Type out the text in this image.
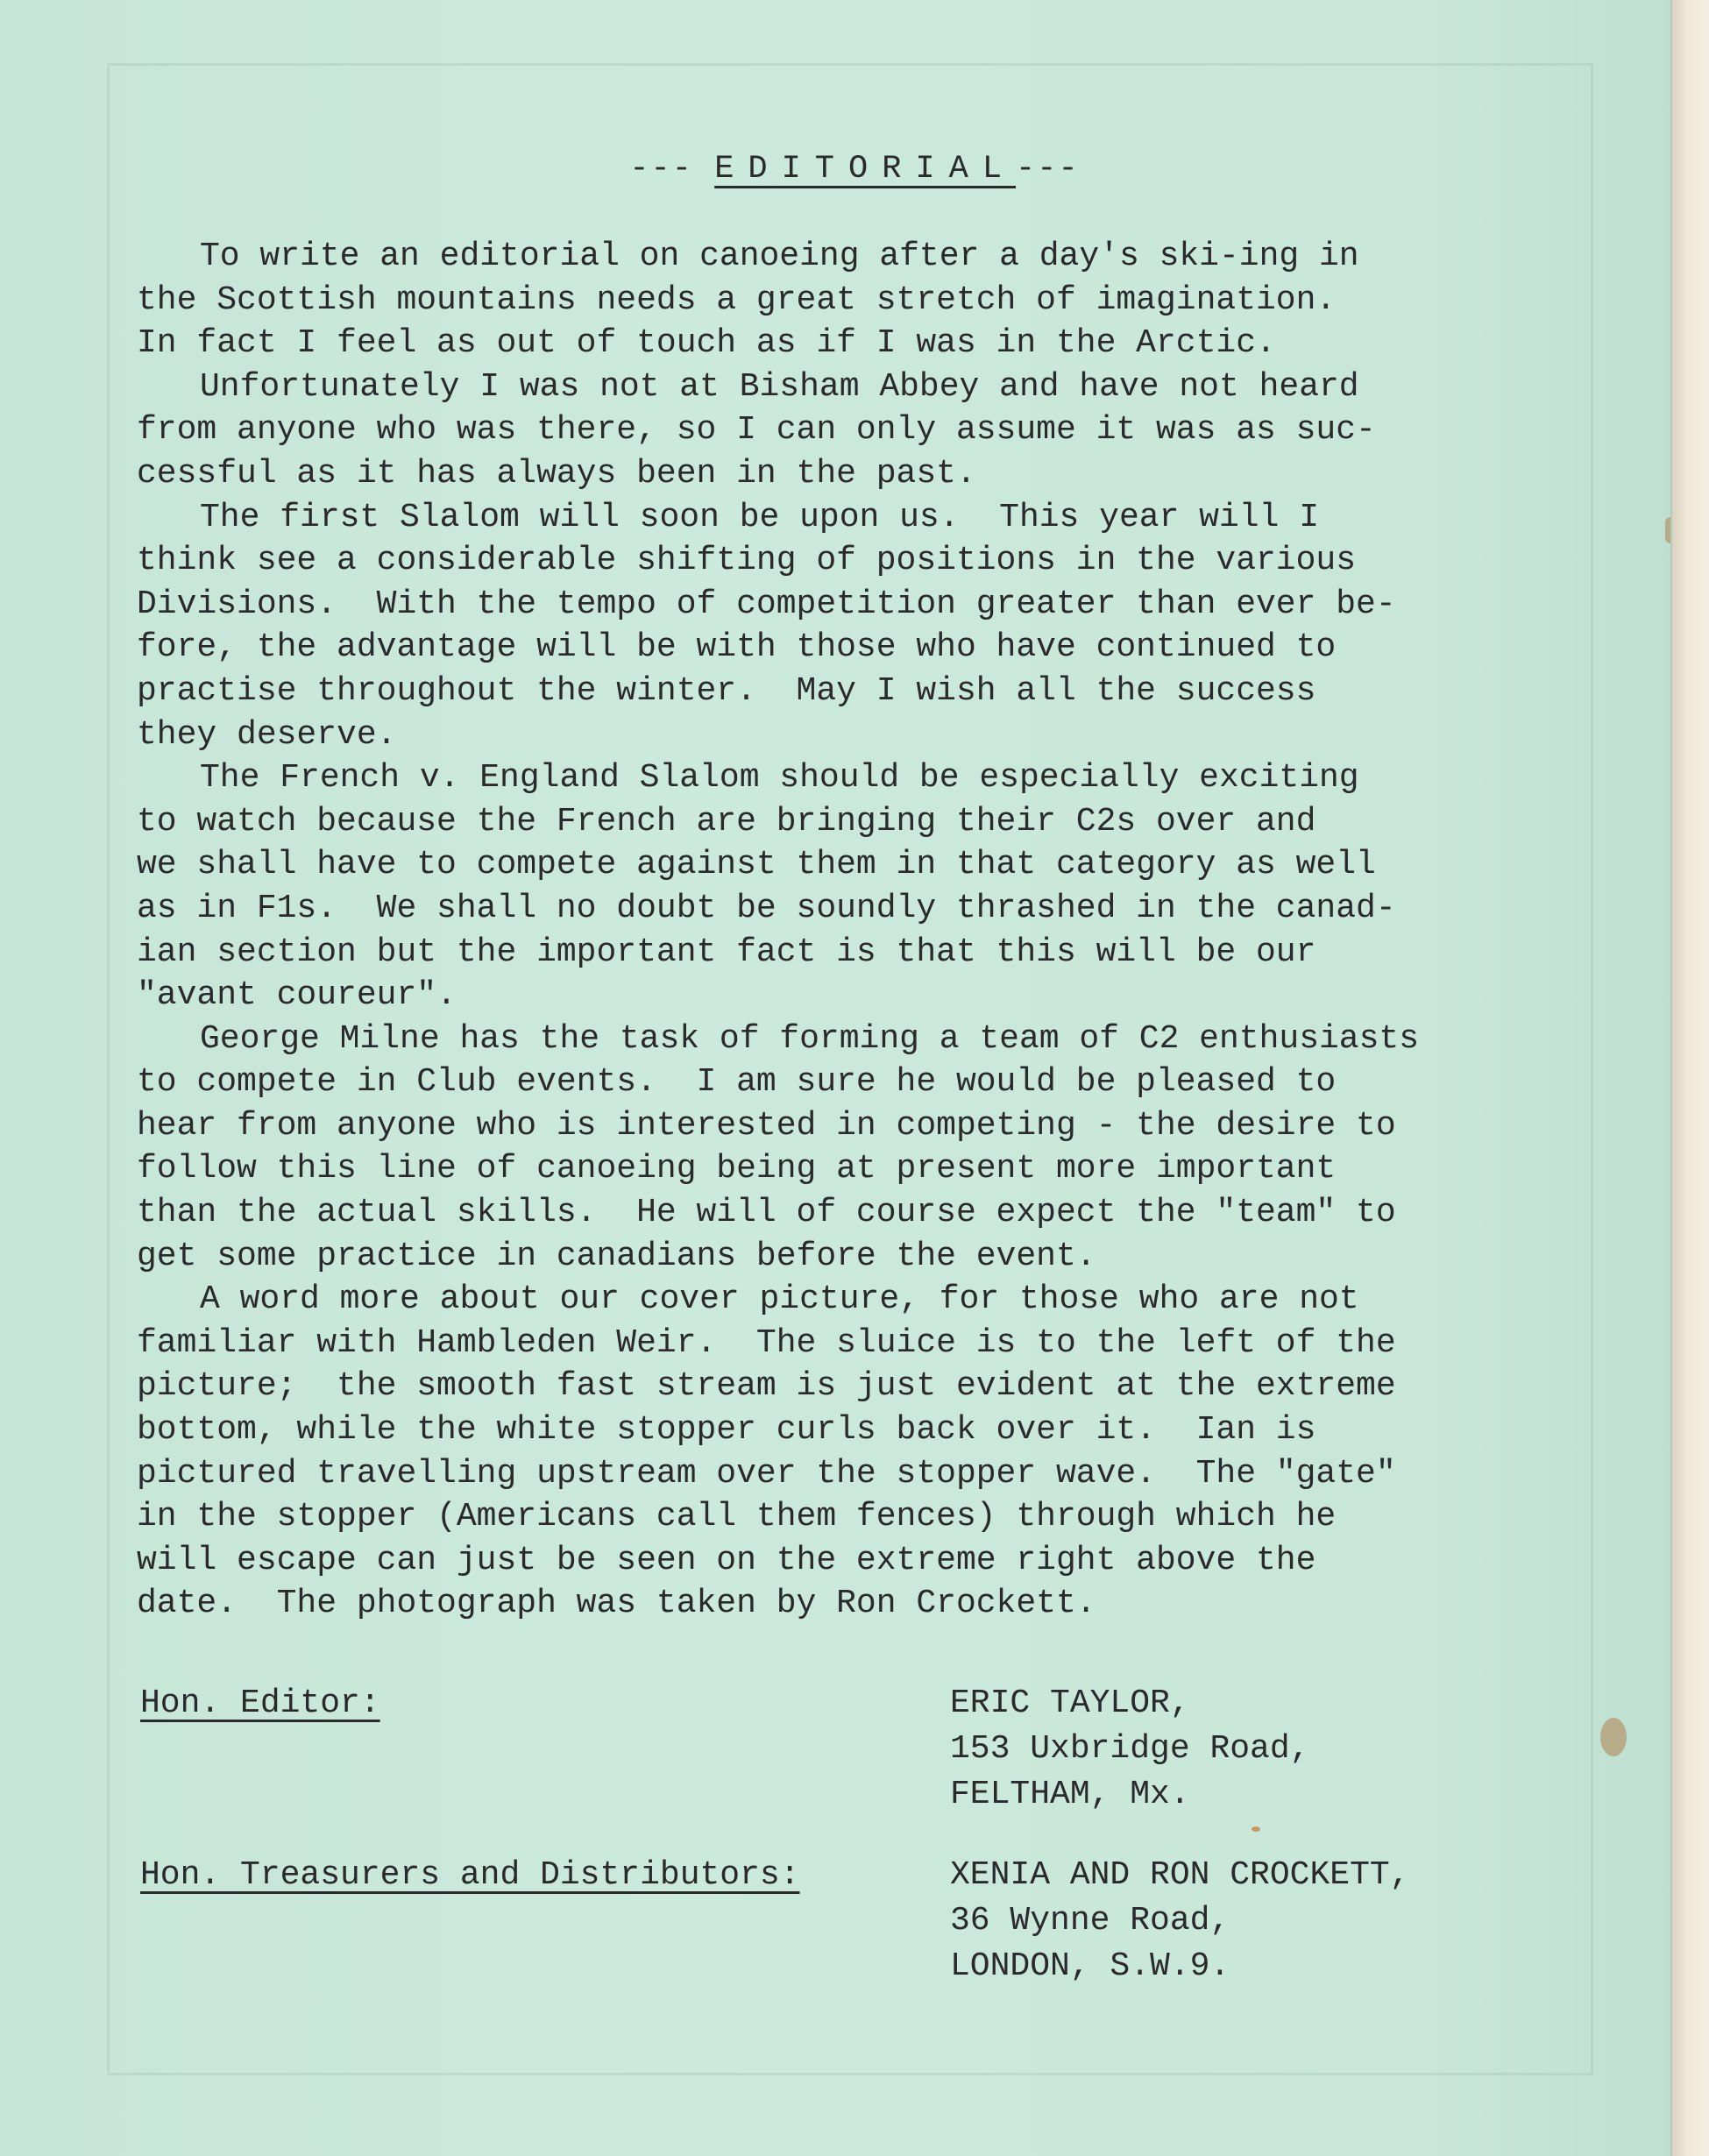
--- EDITORIAL---

To write an editorial on canoeing after a day's ski-ing in
the Scottish mountains needs a great stretch of imagination.
In fact I feel as out of touch as if I was in the Arctic.

Unfortunately I was not at Bisham Abbey and have not heard
from anyone who was there, so I can only assume it was as suc-
cessful as it has always been in the past.

The first Slalom will soon be upon us.  This year will I
think see a considerable shifting of positions in the various
Divisions.  With the tempo of competition greater than ever be-
fore, the advantage will be with those who have continued to
practise throughout the winter.  May I wish all the success
they deserve.

The French v. England Slalom should be especially exciting
to watch because the French are bringing their C2s over and
we shall have to compete against them in that category as well
as in F1s.  We shall no doubt be soundly thrashed in the canad-
ian section but the important fact is that this will be our
"avant coureur".

George Milne has the task of forming a team of C2 enthusiasts
to compete in Club events.  I am sure he would be pleased to
hear from anyone who is interested in competing - the desire to
follow this line of canoeing being at present more important
than the actual skills.  He will of course expect the "team" to
get some practice in canadians before the event.

A word more about our cover picture, for those who are not
familiar with Hambleden Weir.  The sluice is to the left of the
picture;  the smooth fast stream is just evident at the extreme
bottom, while the white stopper curls back over it.  Ian is
pictured travelling upstream over the stopper wave.  The "gate"
in the stopper (Americans call them fences) through which he
will escape can just be seen on the extreme right above the
date.  The photograph was taken by Ron Crockett.

Hon. Editor:	ERIC TAYLOR,
153 Uxbridge Road,
FELTHAM, Mx.
Hon. Treasurers and Distributors:	XENIA AND RON CROCKETT,
36 Wynne Road,
LONDON, S.W.9.
